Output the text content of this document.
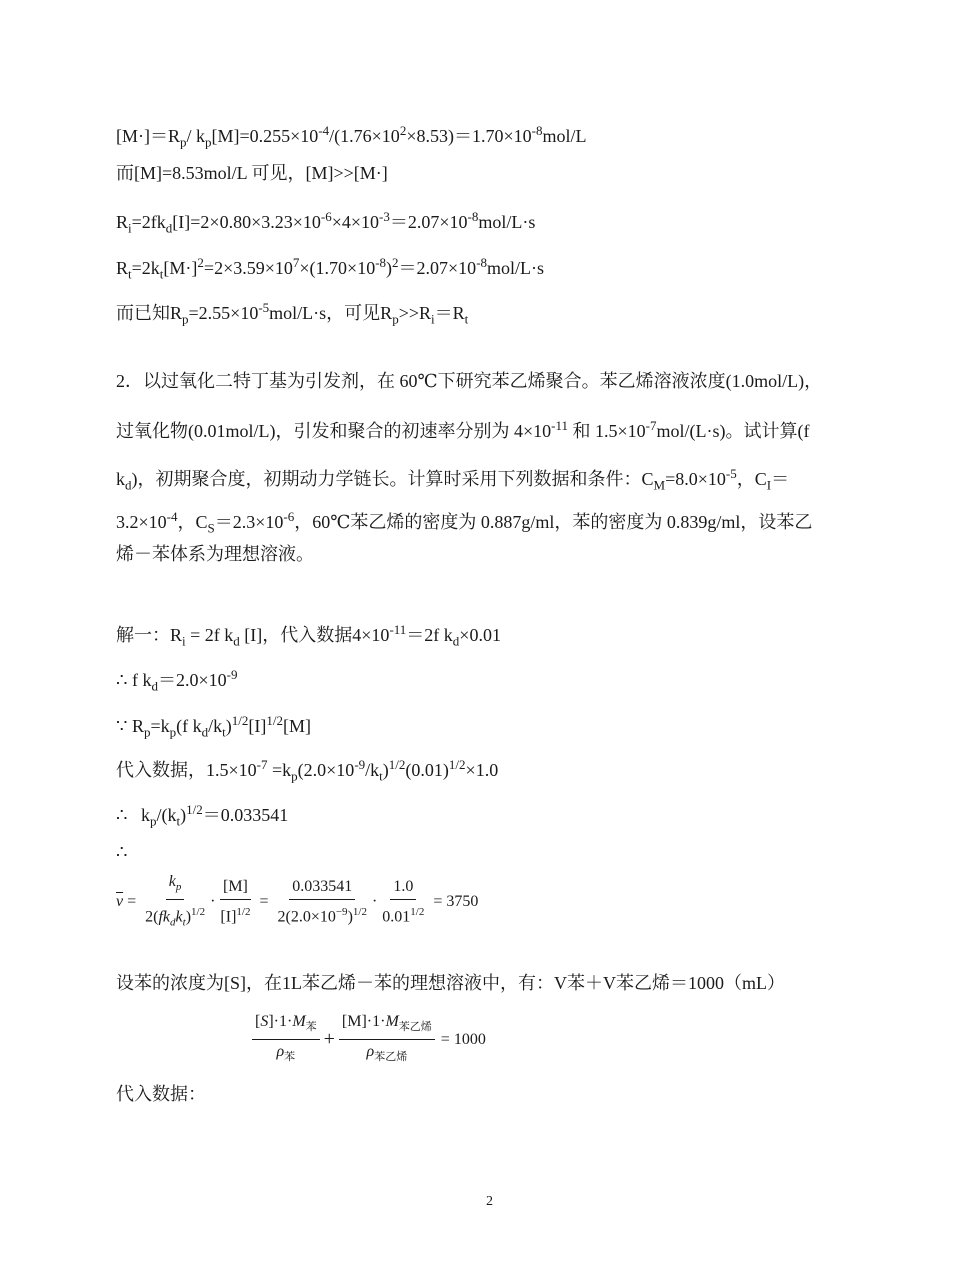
$[M\cdot]=R_p/$ $k_p[M]=0.255\times 10^{-4}/(1.76\times 10^2\times 8.53)=1.70\times 10^{-8}mol/L$
而[M]=8.53mol/L 可见，[M]>>[M·]
$R_i=2fk_d[I]=2\times 0.80\times 3.23\times 10^{-6}\times 4\times 10^{-3}=2.07\times 10^{-8}mol/L\cdot s$
$R_t=2k_t[M\cdot]^2=2\times 3.59\times 10^7\times(1.70\times 10^{-8})^2=2.07\times 10^{-8}mol/L\cdot s$
而已知$R_p=2.55\times 10^{-5}mol/L\cdot s$，可见$R_p>>R_i=R_t$
2．以过氧化二特丁基为引发剂，在 60℃下研究苯乙烯聚合。苯乙烯溶液浓度(1.0mol/L)，
过氧化物(0.01mol/L)，引发和聚合的初速率分别为 $4\times 10^{-11}$ 和 $1.5\times 10^{-7}mol/(L\cdot s)$。试计算(f
$k_d$)，初期聚合度，初期动力学链长。计算时采用下列数据和条件：$C_M=8.0\times 10^{-5}$，$C_I=$
$3.2\times 10^{-4}$，$C_S=2.3\times 10^{-6}$，60℃苯乙烯的密度为 0.887g/ml，苯的密度为 0.839g/ml，设苯乙
烯－苯体系为理想溶液。
解一：$R_i = 2f$ $k_d$ [I]，代入数据$4\times 10^{-11}=2f$ $k_d\times 0.01$
∴ f $k_d=2.0\times 10^{-9}$
∵ $R_p=k_p(f$ $k_d/k_t)^{1/2}[I]^{1/2}[M]$
代入数据，$1.5\times 10^{-7} =k_p(2.0\times 10^{-9}/k_t)^{1/2}(0.01)^{1/2}\times 1.0$
∴   $k_p/(k_t)^{1/2}=0.033541$
∴
$\overline{\nu} = \frac{k_p}{2(fk_dk_t)^{1/2}} \cdot \frac{[M]}{[I]^{1/2}} = \frac{0.033541}{2(2.0\times 10^{-9})^{1/2}} \cdot \frac{1.0}{0.01^{1/2}} = 3750$
设苯的浓度为[S]，在1L苯乙烯－苯的理想溶液中，有：V苯＋V苯乙烯＝1000（mL）
$\frac{[S]\cdot 1\cdot M_苯}{\rho_苯} + \frac{[M]\cdot 1\cdot M_{苯乙烯}}{\rho_{苯乙烯}} = 1000$
代入数据：
2
